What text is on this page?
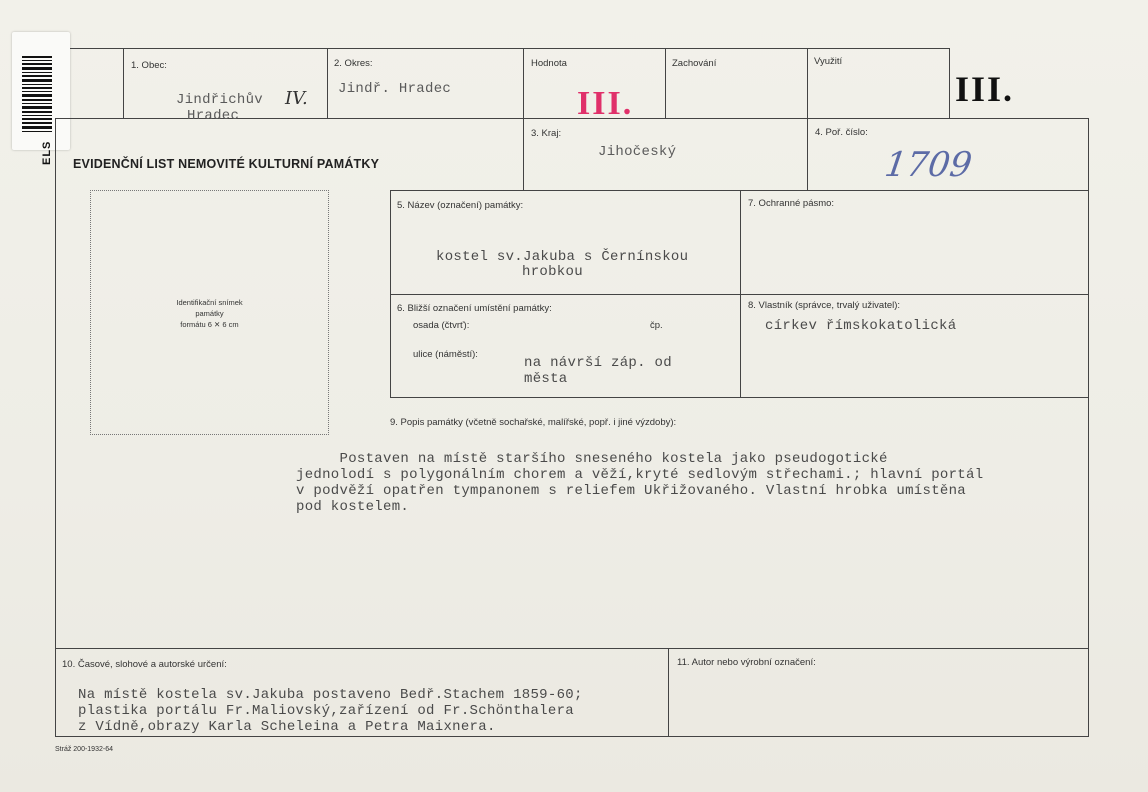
ELS
1. Obec:
Jindřichův
Hradec
IV.
2. Okres:
Jindř. Hradec
Hodnota
III.
Zachování	Využití
III.
EVIDENČNÍ LIST NEMOVITÉ KULTURNÍ PAMÁTKY
3. Kraj:
Jihočeský
4. Poř. číslo:
1709
Identifikační snímek
památky
formátu 6 ✕ 6 cm
5. Název (označení) památky:
kostel sv.Jakuba s Černínskou
hrobkou
7. Ochranné pásmo:
6. Bližší označení umístění památky:
osada (čtvrť):	čp.
ulice (náměstí):
na návrší záp. od
města
8. Vlastník (správce, trvalý uživatel):
církev římskokatolická
9. Popis památky (včetně sochařské, malířské, popř. i jiné výzdoby):
Postaven na místě staršího sneseného kostela jako pseudogotické
jednolodí s polygonálním chorem a věží,kryté sedlovým střechami.; hlavní portál
v podvěží opatřen tympanonem s reliefem Ukřižovaného. Vlastní hrobka umístěna
pod kostelem.
10. Časové, slohové a autorské určení:
Na místě kostela sv.Jakuba postaveno Bedř.Stachem 1859-60;
plastika portálu Fr.Maliovský,zařízení od Fr.Schönthalera
z Vídně,obrazy Karla Scheleina a Petra Maixnera.
11. Autor nebo výrobní označení:
Stráž 200-1932-64
